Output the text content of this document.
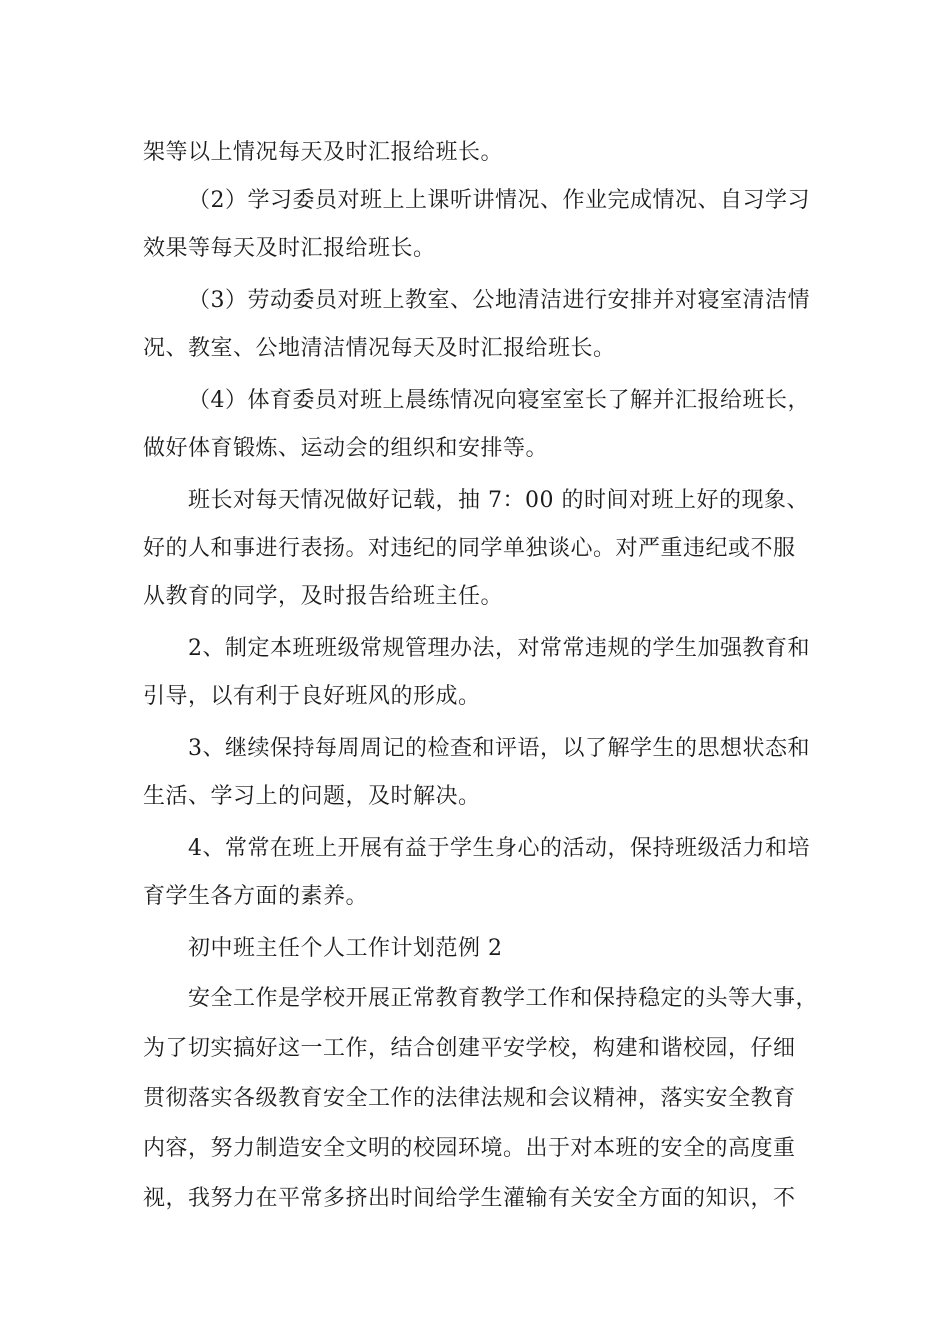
架等以上情况每天及时汇报给班长。
（2）学习委员对班上上课听讲情况、作业完成情况、自习学习
效果等每天及时汇报给班长。
（3）劳动委员对班上教室、公地清洁进行安排并对寝室清洁情
况、教室、公地清洁情况每天及时汇报给班长。
（4）体育委员对班上晨练情况向寝室室长了解并汇报给班长，
做好体育锻炼、运动会的组织和安排等。
班长对每天情况做好记载，抽 7：00 的时间对班上好的现象、
好的人和事进行表扬。对违纪的同学单独谈心。对严重违纪或不服
从教育的同学，及时报告给班主任。
2、制定本班班级常规管理办法，对常常违规的学生加强教育和
引导，以有利于良好班风的形成。
3、继续保持每周周记的检查和评语，以了解学生的思想状态和
生活、学习上的问题，及时解决。
4、常常在班上开展有益于学生身心的活动，保持班级活力和培
育学生各方面的素养。
初中班主任个人工作计划范例 2
安全工作是学校开展正常教育教学工作和保持稳定的头等大事，
为了切实搞好这一工作，结合创建平安学校，构建和谐校园，仔细
贯彻落实各级教育安全工作的法律法规和会议精神，落实安全教育
内容，努力制造安全文明的校园环境。出于对本班的安全的高度重
视，我努力在平常多挤出时间给学生灌输有关安全方面的知识，不
